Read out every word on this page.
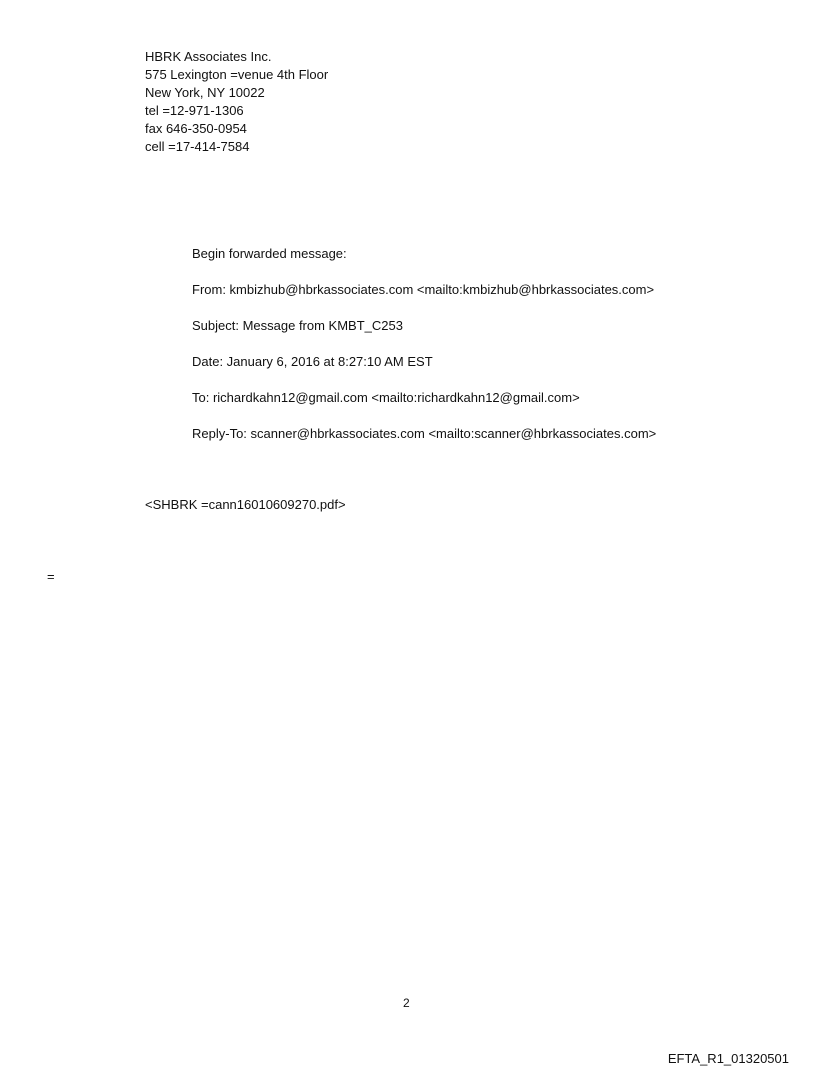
HBRK Associates Inc.
575 Lexington =venue 4th Floor
New York, NY 10022
tel =12-971-1306
fax 646-350-0954
cell =17-414-7584
Begin forwarded message:
From: kmbizhub@hbrkassociates.com <mailto:kmbizhub@hbrkassociates.com>
Subject: Message from KMBT_C253
Date: January 6, 2016 at 8:27:10 AM EST
To: richardkahn12@gmail.com <mailto:richardkahn12@gmail.com>
Reply-To: scanner@hbrkassociates.com <mailto:scanner@hbrkassociates.com>
<SHBRK =cann16010609270.pdf>
=
2
EFTA_R1_01320501
